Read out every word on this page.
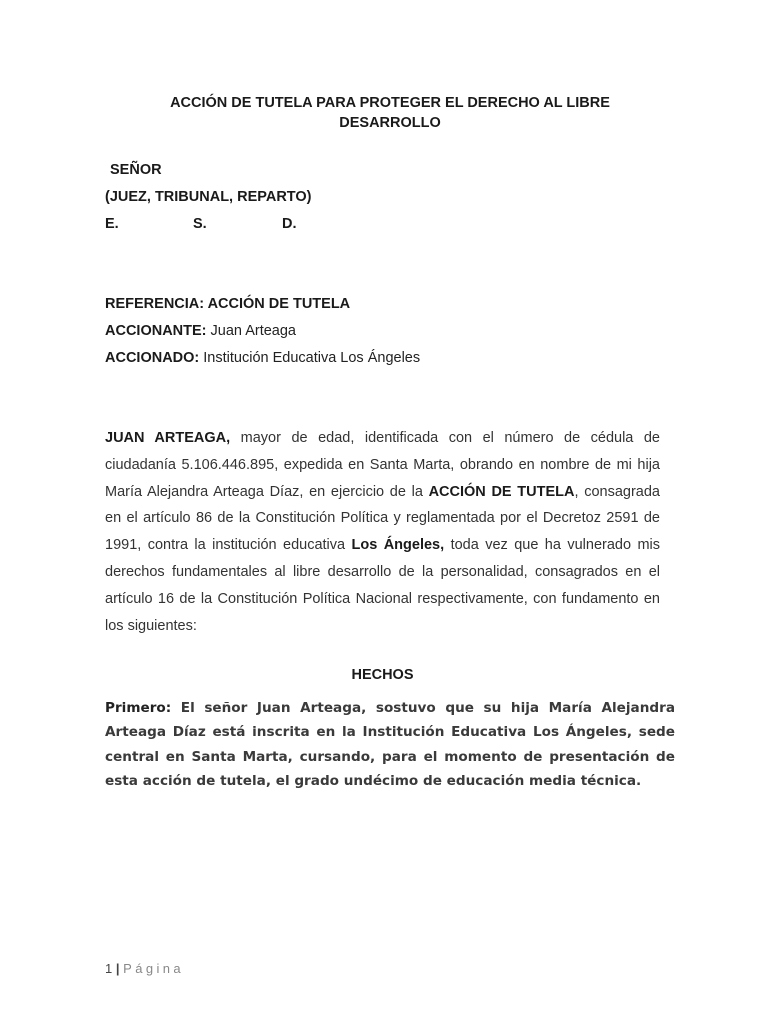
ACCIÓN DE TUTELA PARA PROTEGER EL DERECHO AL LIBRE
DESARROLLO
SEÑOR
(JUEZ, TRIBUNAL, REPARTO)
E.	S.	D.
REFERENCIA: ACCIÓN DE TUTELA
ACCIONANTE: Juan Arteaga
ACCIONADO: Institución Educativa Los Ángeles
JUAN ARTEAGA, mayor de edad, identificada con el número de cédula de ciudadanía 5.106.446.895, expedida en Santa Marta, obrando en nombre de mi hija María Alejandra Arteaga Díaz, en ejercicio de la ACCIÓN DE TUTELA, consagrada en el artículo 86 de la Constitución Política y reglamentada por el Decretoz 2591 de 1991, contra la institución educativa Los Ángeles, toda vez que ha vulnerado mis derechos fundamentales al libre desarrollo de la personalidad, consagrados en el artículo 16 de la Constitución Política Nacional respectivamente, con fundamento en los siguientes:
HECHOS
Primero: El señor Juan Arteaga, sostuvo que su hija María Alejandra Arteaga Díaz está inscrita en la Institución Educativa Los Ángeles, sede central en Santa Marta, cursando, para el momento de presentación de esta acción de tutela, el grado undécimo de educación media técnica.
1 | Página
